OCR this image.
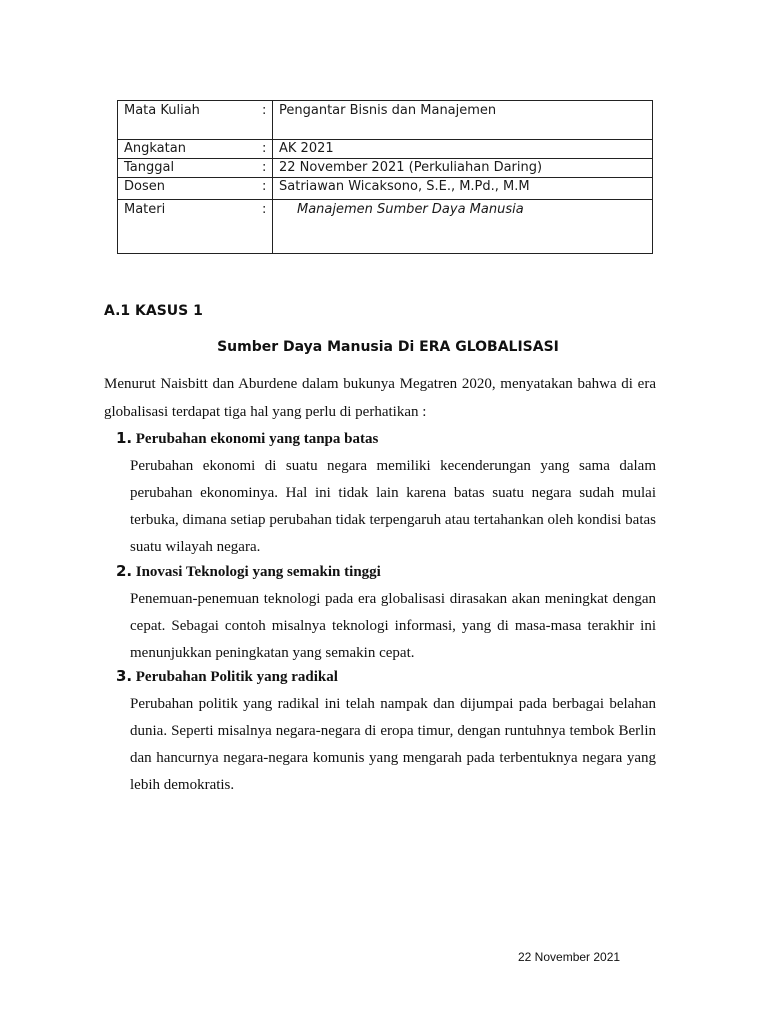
Mata Kuliah	:	Pengantar Bisnis dan Manajemen
Angkatan	:	AK 2021
Tanggal	:	22 November 2021 (Perkuliahan Daring)
Dosen	:	Satriawan Wicaksono, S.E., M.Pd., M.M
Materi	:	Manajemen Sumber Daya Manusia
A.1 KASUS 1
Sumber Daya Manusia Di ERA GLOBALISASI

Menurut Naisbitt dan Aburdene dalam bukunya Megatren 2020, menyatakan bahwa di era globalisasi terdapat tiga hal yang perlu di perhatikan :

1. Perubahan ekonomi yang tanpa batas

Perubahan ekonomi di suatu negara memiliki kecenderungan yang sama dalam perubahan ekonominya. Hal ini tidak lain karena batas suatu negara sudah mulai terbuka, dimana setiap perubahan tidak terpengaruh atau tertahankan oleh kondisi batas suatu wilayah negara.

2. Inovasi Teknologi yang semakin tinggi

Penemuan-penemuan teknologi pada era globalisasi dirasakan akan meningkat dengan cepat. Sebagai contoh misalnya teknologi informasi, yang di masa-masa terakhir ini menunjukkan peningkatan yang semakin cepat.

3. Perubahan Politik yang radikal

Perubahan politik yang radikal ini telah nampak dan dijumpai pada berbagai belahan dunia. Seperti misalnya negara-negara di eropa timur, dengan runtuhnya tembok Berlin dan hancurnya negara-negara komunis yang mengarah pada terbentuknya negara yang lebih demokratis.

22 November 2021
